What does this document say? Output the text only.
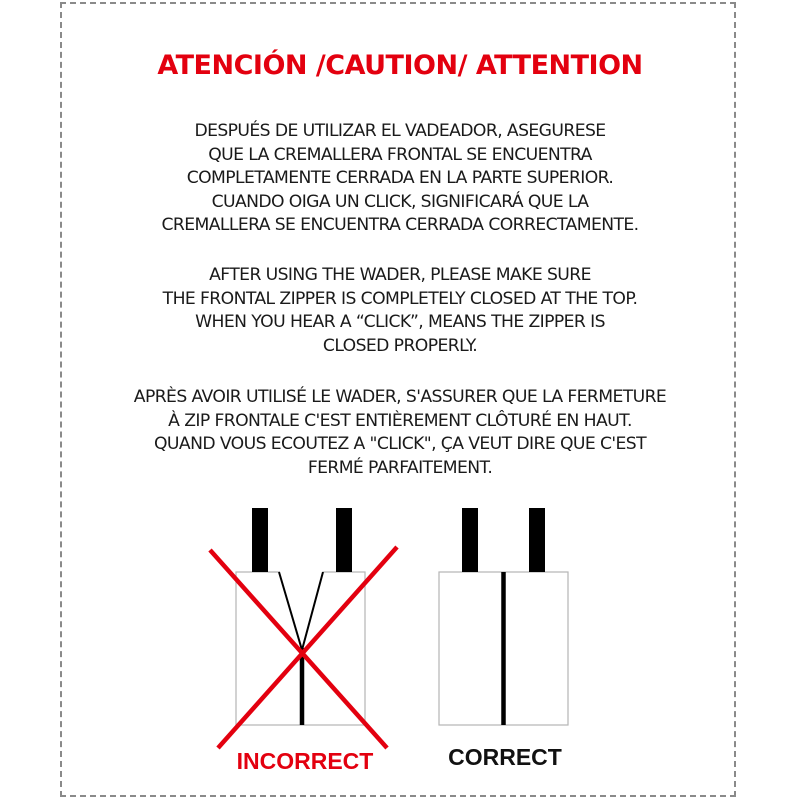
ATENCIÓN /CAUTION/ ATTENTION
DESPUÉS DE UTILIZAR EL VADEADOR, ASEGURESE
QUE LA CREMALLERA FRONTAL SE ENCUENTRA
COMPLETAMENTE CERRADA EN LA PARTE SUPERIOR.
CUANDO OIGA UN CLICK, SIGNIFICARÁ QUE LA
CREMALLERA SE ENCUENTRA CERRADA CORRECTAMENTE.
AFTER USING THE WADER, PLEASE MAKE SURE
THE FRONTAL ZIPPER IS COMPLETELY CLOSED AT THE TOP.
WHEN YOU HEAR A “CLICK”, MEANS THE ZIPPER IS
CLOSED PROPERLY.
APRÈS AVOIR UTILISÉ LE WADER, S'ASSURER QUE LA FERMETURE
À ZIP FRONTALE C'EST ENTIÈREMENT CLÔTURÉ EN HAUT.
QUAND VOUS ECOUTEZ A "CLICK", ÇA VEUT DIRE QUE C'EST
FERMÉ PARFAITEMENT.
INCORRECT	CORRECT
